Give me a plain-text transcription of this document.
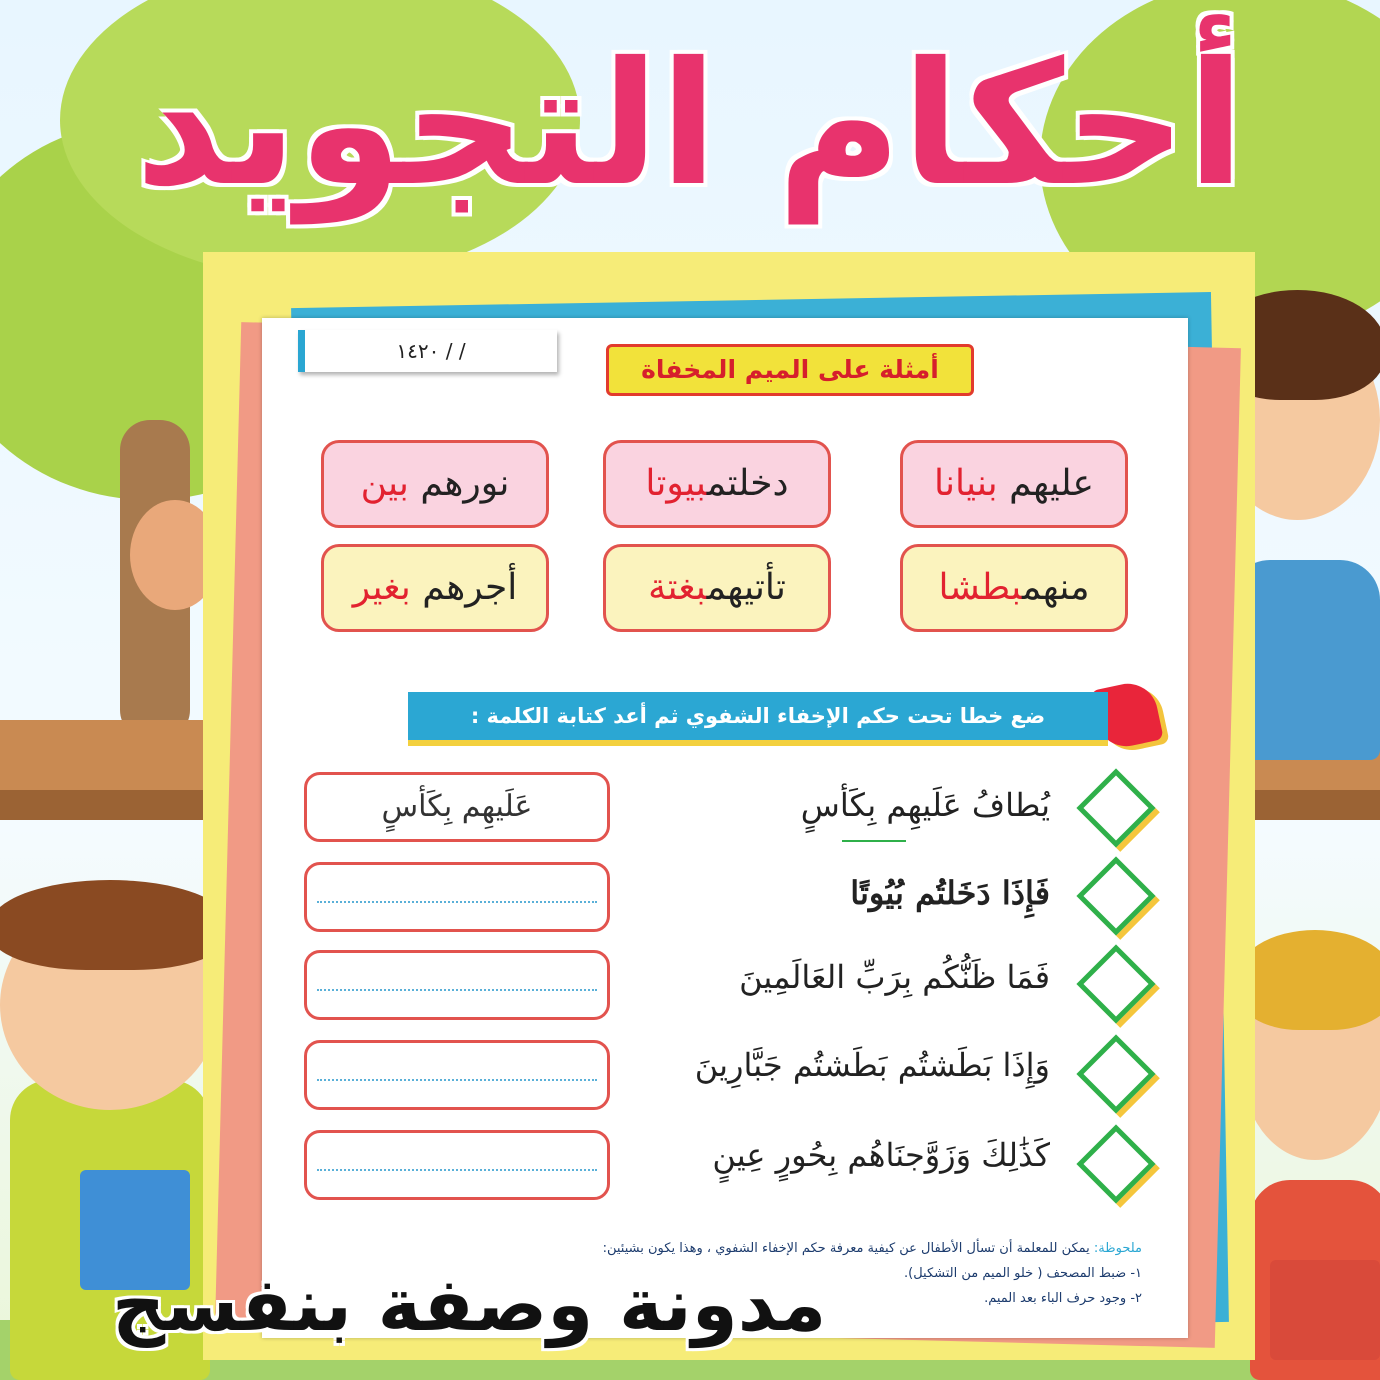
أحكام التجويد
/ / ١٤٢٠
أمثلة على الميم المخفاة
عليهم بنيانا
دخلتمبيوتا
نورهم بين
منهمبطشا
تأتيهمبغتة
أجرهم بغير
ضع خطا تحت حكم الإخفاء الشفوي ثم أعد كتابة الكلمة :
يُطافُ عَلَيهِم بِكَأسٍ
عَلَيهِم بِكَأسٍ
فَإِذَا دَخَلتُم بُيُوتًا
فَمَا ظَنُّكُم بِرَبِّ العَالَمِينَ
وَإِذَا بَطَشتُم بَطَشتُم جَبَّارِينَ
كَذَٰلِكَ وَزَوَّجنَاهُم بِحُورٍ عِينٍ
ملحوظة: يمكن للمعلمة أن تسأل الأطفال عن كيفية معرفة حكم الإخفاء الشفوي ، وهذا يكون بشيئين:
١- ضبط المصحف ( خلو الميم من التشكيل).
٢- وجود حرف الباء بعد الميم.
مدونة وصفة بنفسج
